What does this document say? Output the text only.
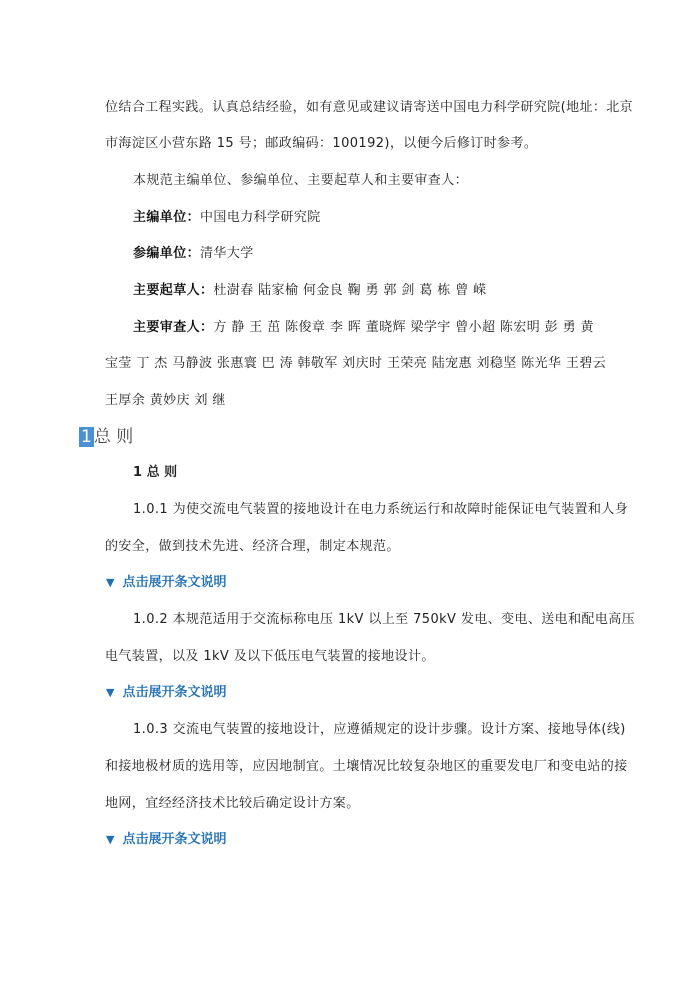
位结合工程实践。认真总结经验，如有意见或建议请寄送中国电力科学研究院(地址：北京
市海淀区小营东路 15 号；邮政编码：100192)，以便今后修订时参考。
本规范主编单位、参编单位、主要起草人和主要审查人：
主编单位：中国电力科学研究院
参编单位：清华大学
主要起草人：杜澍春 陆家榆 何金良 鞠 勇 郭 剑 葛 栋 曾 嵘
主要审查人：方 静 王 茁 陈俊章 李 晖 董晓辉 梁学宇 曾小超 陈宏明 彭 勇 黄
宝莹 丁 杰 马静波 张惠寰 巴 涛 韩敬军 刘庆时 王荣亮 陆宠惠 刘稳坚 陈光华 王碧云
王厚余 黄妙庆 刘 继
1 总 则
1 总 则
1.0.1 为使交流电气装置的接地设计在电力系统运行和故障时能保证电气装置和人身
的安全，做到技术先进、经济合理，制定本规范。
▼ 点击展开条文说明
1.0.2 本规范适用于交流标称电压 1kV 以上至 750kV 发电、变电、送电和配电高压
电气装置，以及 1kV 及以下低压电气装置的接地设计。
▼ 点击展开条文说明
1.0.3 交流电气装置的接地设计，应遵循规定的设计步骤。设计方案、接地导体(线)
和接地极材质的选用等，应因地制宜。土壤情况比较复杂地区的重要发电厂和变电站的接
地网，宜经经济技术比较后确定设计方案。
▼ 点击展开条文说明
